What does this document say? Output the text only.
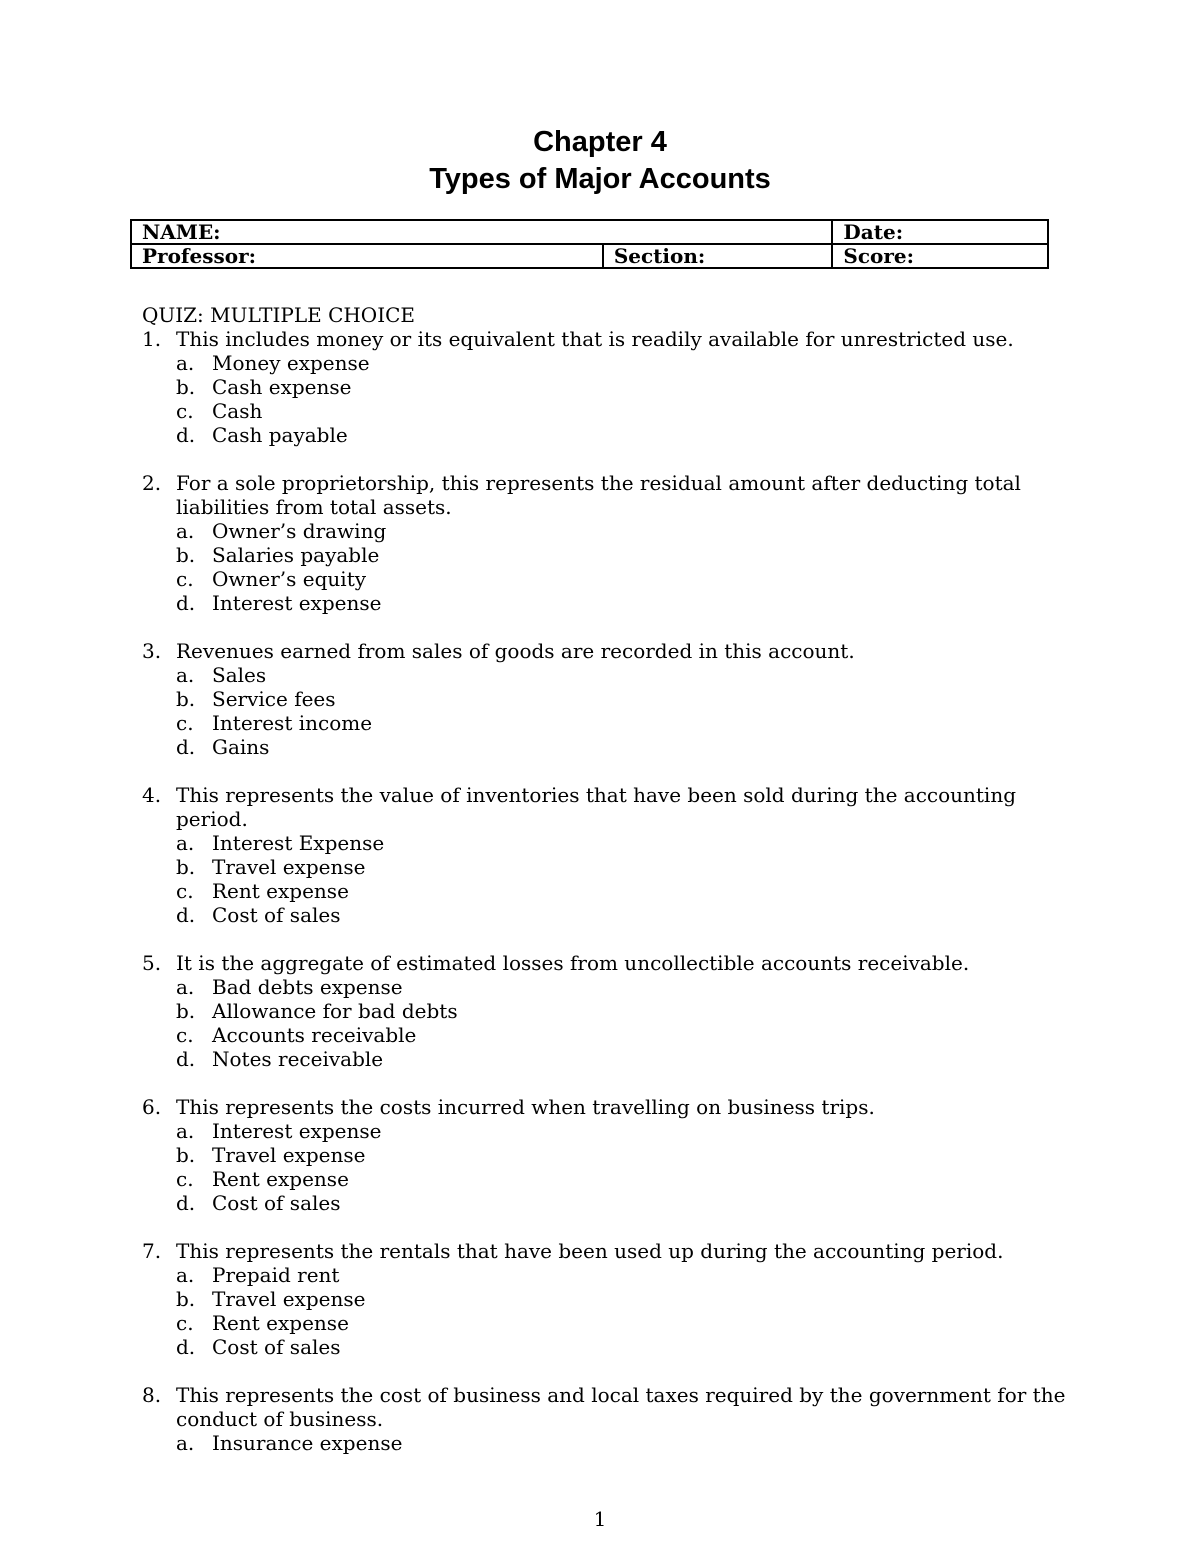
Chapter 4
Types of Major Accounts
NAME:		Date:
Professor:	Section:	Score:
QUIZ: MULTIPLE CHOICE
1. This includes money or its equivalent that is readily available for unrestricted use.
a. Money expense
b. Cash expense
c. Cash
d. Cash payable
2. For a sole proprietorship, this represents the residual amount after deducting total liabilities from total assets.
a. Owner’s drawing
b. Salaries payable
c. Owner’s equity
d. Interest expense
3. Revenues earned from sales of goods are recorded in this account.
a. Sales
b. Service fees
c. Interest income
d. Gains
4. This represents the value of inventories that have been sold during the accounting period.
a. Interest Expense
b. Travel expense
c. Rent expense
d. Cost of sales
5. It is the aggregate of estimated losses from uncollectible accounts receivable.
a. Bad debts expense
b. Allowance for bad debts
c. Accounts receivable
d. Notes receivable
6. This represents the costs incurred when travelling on business trips.
a. Interest expense
b. Travel expense
c. Rent expense
d. Cost of sales
7. This represents the rentals that have been used up during the accounting period.
a. Prepaid rent
b. Travel expense
c. Rent expense
d. Cost of sales
8. This represents the cost of business and local taxes required by the government for the conduct of business.
a. Insurance expense
1
